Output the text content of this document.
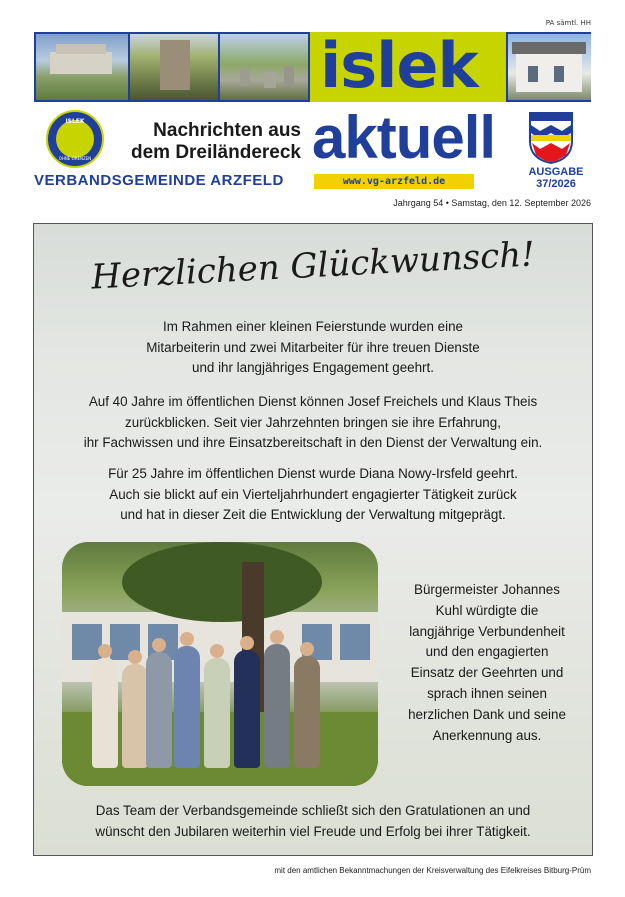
PA sämtl. HH
islek
ISLEK
OHNE GRENZEN
Nachrichten aus
dem Dreiländereck
VERBANDSGEMEINDE ARZFELD
aktuell
www.vg-arzfeld.de
AUSGABE
37/2026
Jahrgang 54 • Samstag, den 12. September 2026
Herzlichen Glückwunsch!
Im Rahmen einer kleinen Feierstunde wurden eine
Mitarbeiterin und zwei Mitarbeiter für ihre treuen Dienste
und ihr langjähriges Engagement geehrt.
Auf 40 Jahre im öffentlichen Dienst können Josef Freichels und Klaus Theis
zurückblicken. Seit vier Jahrzehnten bringen sie ihre Erfahrung,
ihr Fachwissen und ihre Einsatzbereitschaft in den Dienst der Verwaltung ein.
Für 25 Jahre im öffentlichen Dienst wurde Diana Nowy-Irsfeld geehrt.
Auch sie blickt auf ein Vierteljahrhundert engagierter Tätigkeit zurück
und hat in dieser Zeit die Entwicklung der Verwaltung mitgeprägt.
Bürgermeister Johannes
Kuhl würdigte die
langjährige Verbundenheit
und den engagierten
Einsatz der Geehrten und
sprach ihnen seinen
herzlichen Dank und seine
Anerkennung aus.
Das Team der Verbandsgemeinde schließt sich den Gratulationen an und
wünscht den Jubilaren weiterhin viel Freude und Erfolg bei ihrer Tätigkeit.
mit den amtlichen Bekanntmachungen der Kreisverwaltung des Eifelkreises Bitburg-Prüm
